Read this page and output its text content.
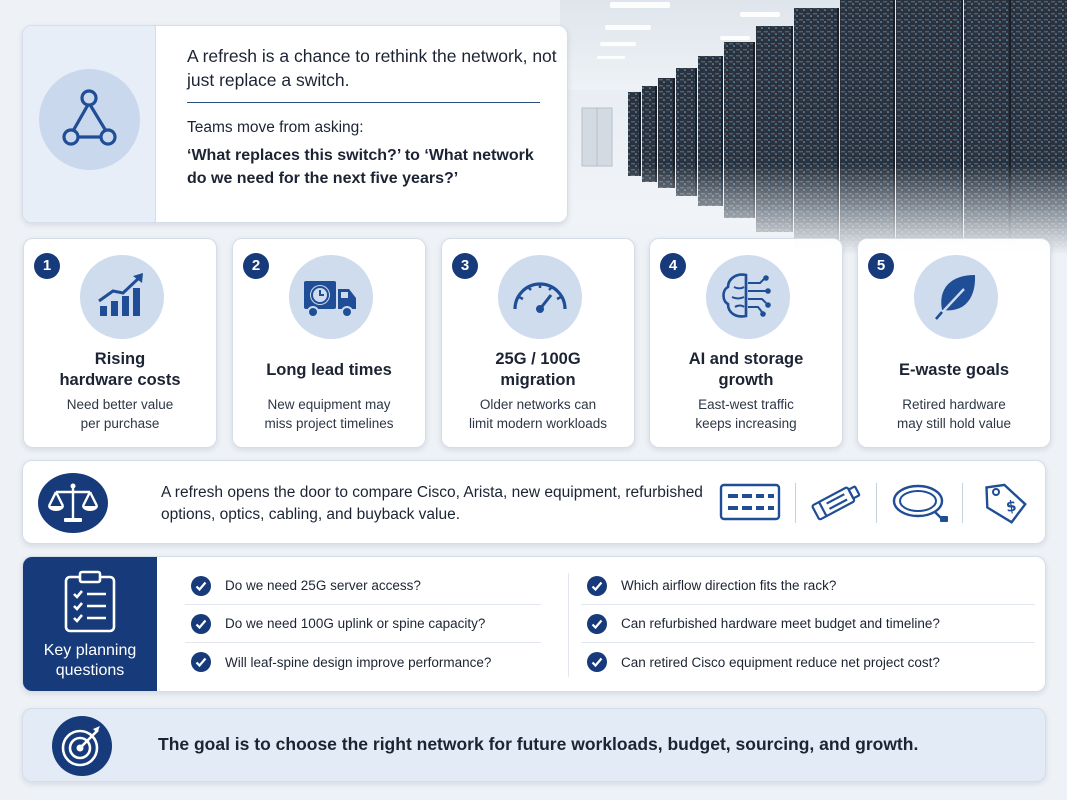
A refresh is a chance to rethink the network, not just replace a switch.
Teams move from asking:
‘What replaces this switch?’ to ‘What network do we need for the next five years?’
1
Rising
hardware costs
Need better value
per purchase
2
Long lead times
New equipment may
miss project timelines
3
25G / 100G
migration
Older networks can
limit modern workloads
4
AI and storage
growth
East-west traffic
keeps increasing
5
E-waste goals
Retired hardware
may still hold value
A refresh opens the door to compare Cisco, Arista, new equipment, refurbished options, optics, cabling, and buyback value.	$
Key planning
questions
Do we need 25G server access?
Do we need 100G uplink or spine capacity?
Will leaf-spine design improve performance?
Which airflow direction fits the rack?
Can refurbished hardware meet budget and timeline?
Can retired Cisco equipment reduce net project cost?
The goal is to choose the right network for future workloads, budget, sourcing, and growth.
